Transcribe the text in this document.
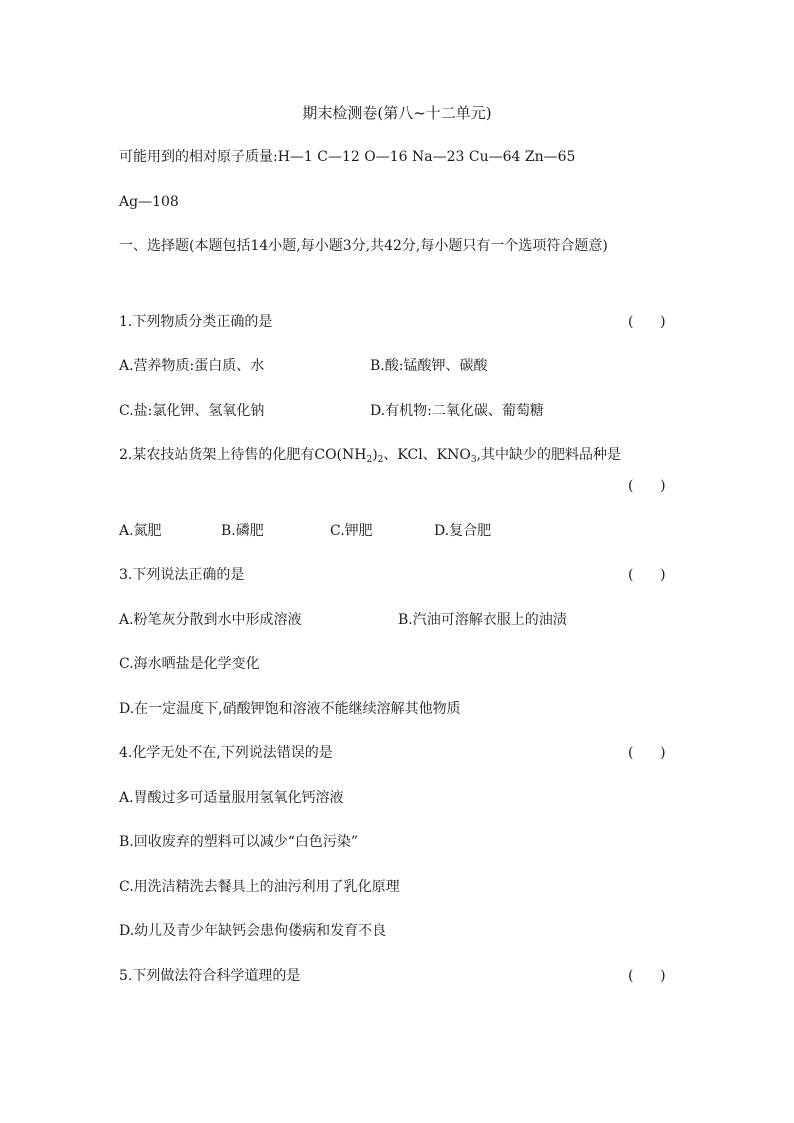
期末检测卷(第八~十二单元)
可能用到的相对原子质量:H—1 C—12 O—16 Na—23 Cu—64 Zn—65
Ag—108
一、选择题(本题包括14小题,每小题3分,共42分,每小题只有一个选项符合题意)
1.下列物质分类正确的是	(      )
A.营养物质:蛋白质、水	B.酸:锰酸钾、碳酸
C.盐:氯化钾、氢氧化钠	D.有机物:二氧化碳、葡萄糖
2.某农技站货架上待售的化肥有$CO(NH_2)_2$、KCl、$KNO_3$,其中缺少的肥料品种是
(      )
A.氮肥	B.磷肥	C.钾肥	D.复合肥
3.下列说法正确的是	(      )
A.粉笔灰分散到水中形成溶液	B.汽油可溶解衣服上的油渍
C.海水晒盐是化学变化
D.在一定温度下,硝酸钾饱和溶液不能继续溶解其他物质
4.化学无处不在,下列说法错误的是	(      )
A.胃酸过多可适量服用氢氧化钙溶液
B.回收废弃的塑料可以减少“白色污染”
C.用洗洁精洗去餐具上的油污利用了乳化原理
D.幼儿及青少年缺钙会患佝偻病和发育不良
5.下列做法符合科学道理的是	(      )
